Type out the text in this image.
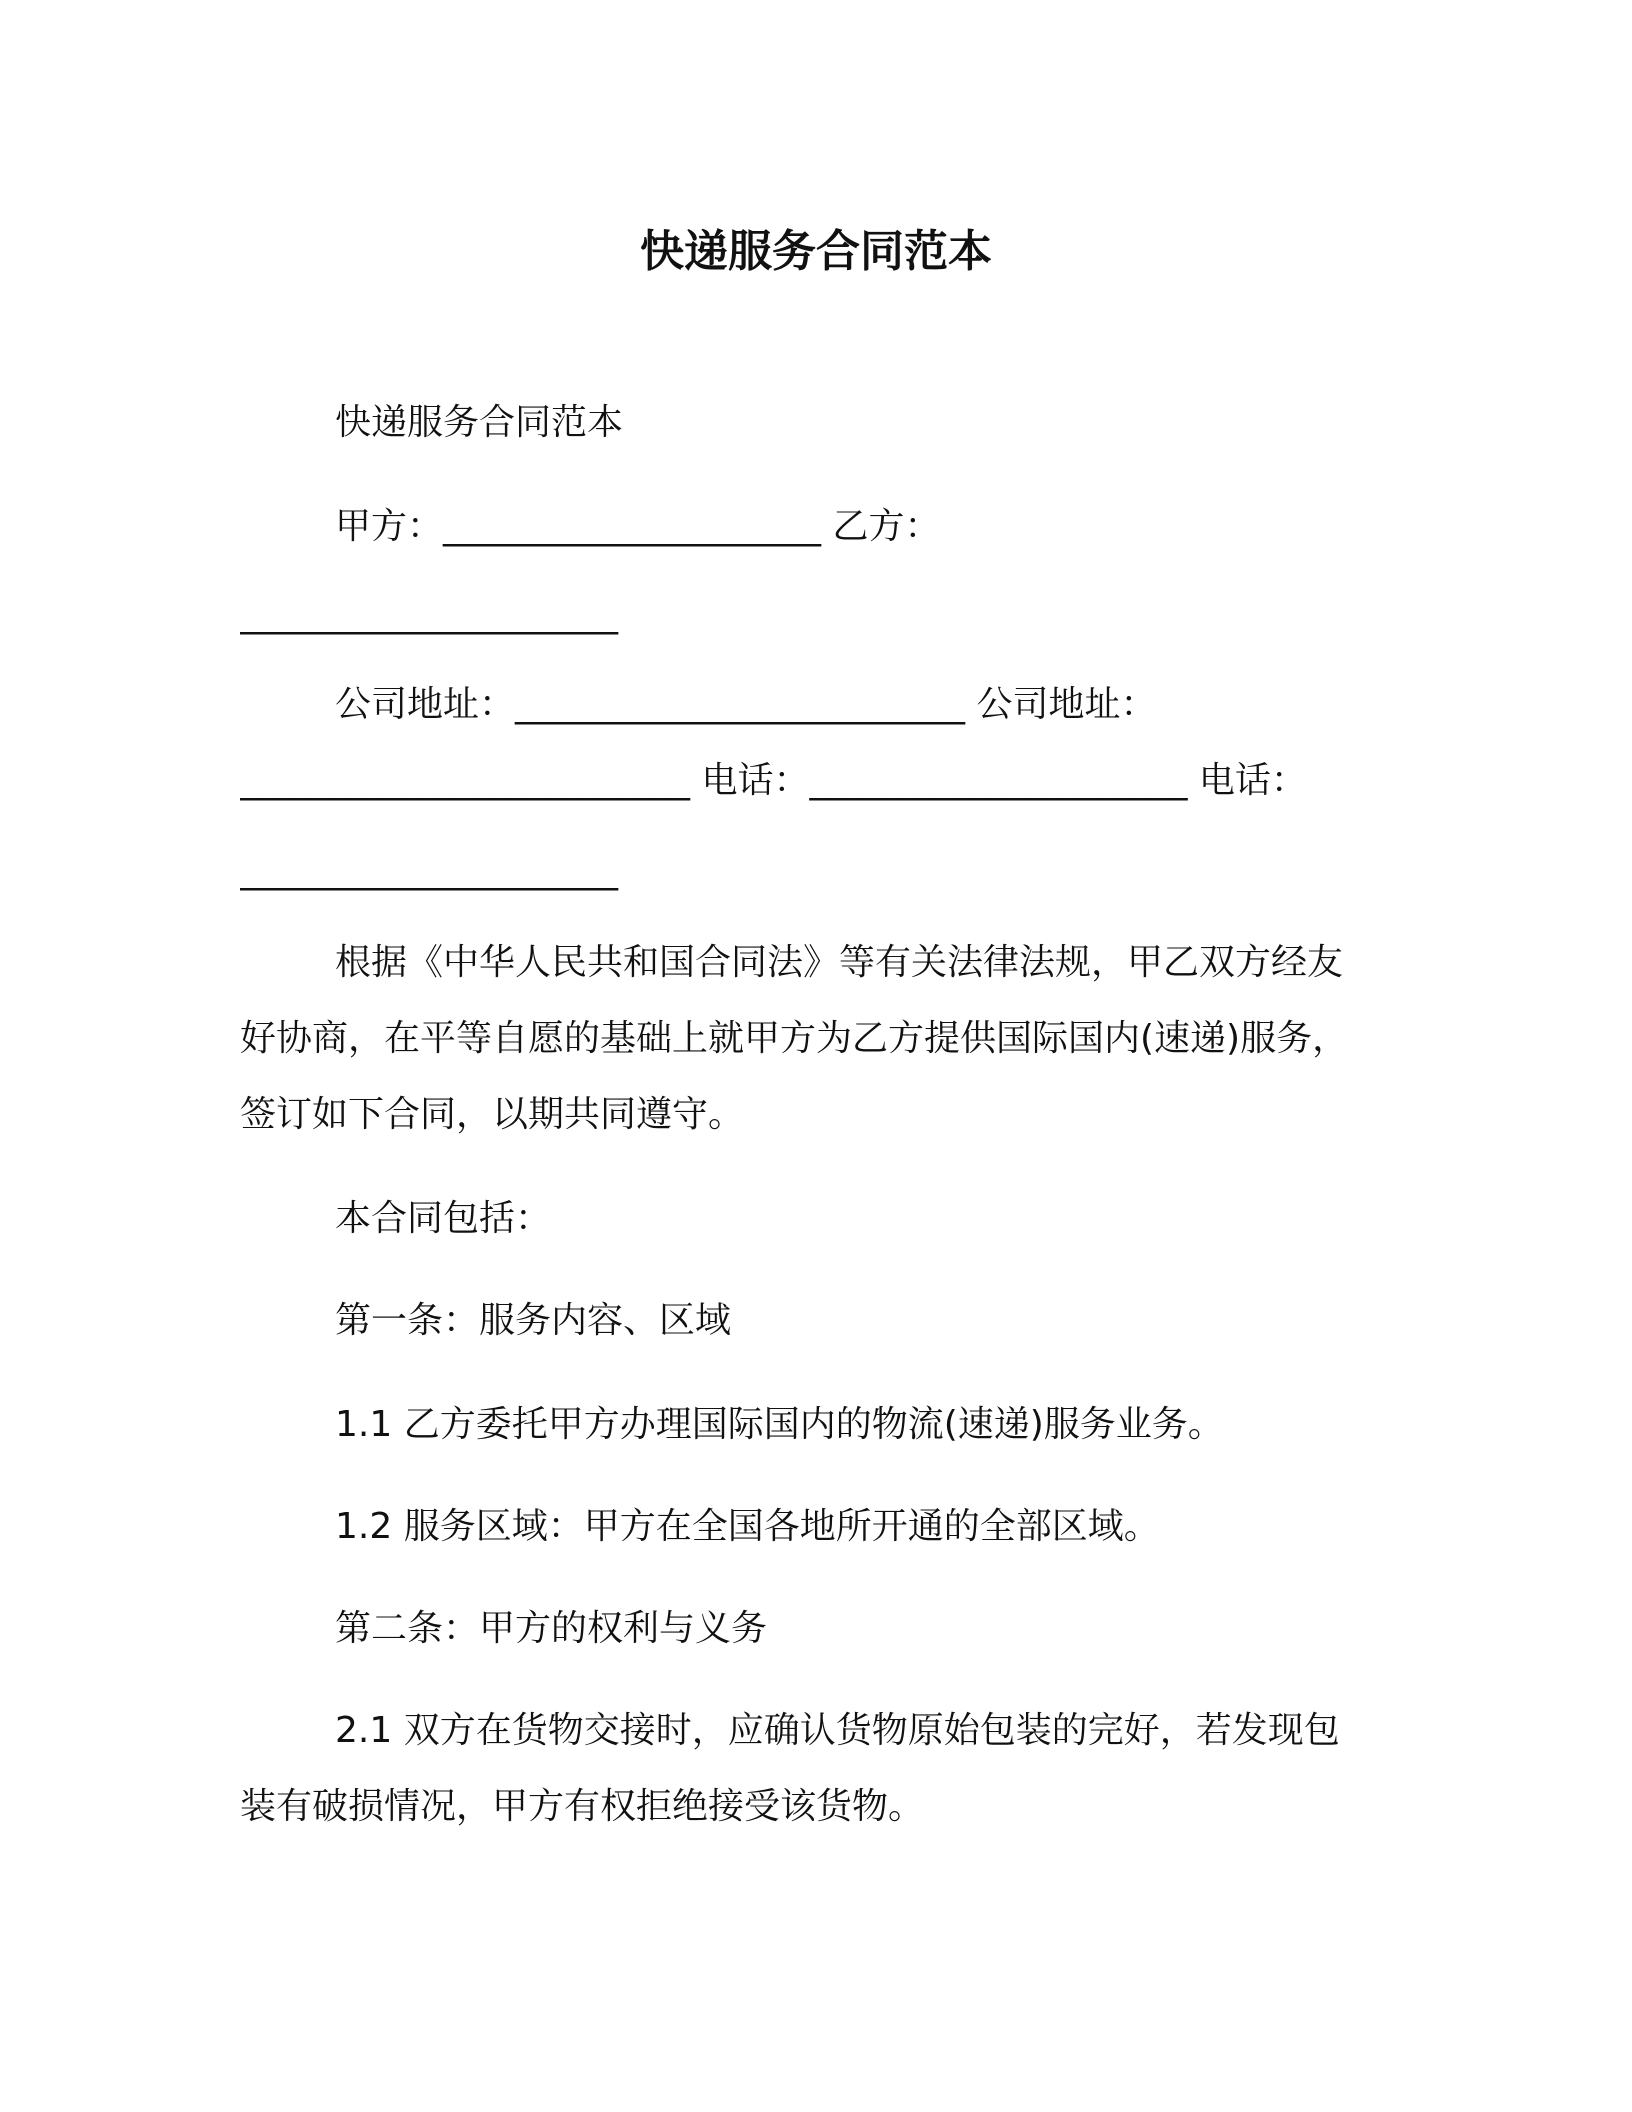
快递服务合同范本
快递服务合同范本
甲方：_____________________ 乙方：
_____________________
公司地址：_________________________ 公司地址：
_________________________ 电话：_____________________ 电话：
_____________________
根据《中华人民共和国合同法》等有关法律法规，甲乙双方经友
好协商，在平等自愿的基础上就甲方为乙方提供国际国内(速递)服务，
签订如下合同，以期共同遵守。
本合同包括：
第一条：服务内容、区域
1.1 乙方委托甲方办理国际国内的物流(速递)服务业务。
1.2 服务区域：甲方在全国各地所开通的全部区域。
第二条：甲方的权利与义务
2.1 双方在货物交接时，应确认货物原始包装的完好，若发现包
装有破损情况，甲方有权拒绝接受该货物。
